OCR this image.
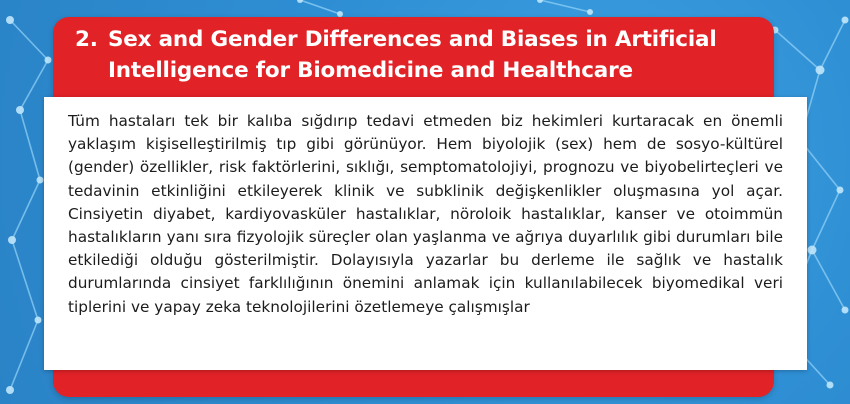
2. Sex and Gender Differences and Biases in Artificial
Intelligence for Biomedicine and Healthcare

Tüm hastaları tek bir kalıba sığdırıp tedavi etmeden biz hekimleri kurtaracak en önemli yaklaşım kişiselleştirilmiş tıp gibi görünüyor. Hem biyolojik (sex) hem de sosyo-kültürel (gender) özellikler, risk faktörlerini, sıklığı, semptomatolojiyi, prognozu ve biyobelirteçleri ve tedavinin etkinliğini etkileyerek klinik ve subklinik değişkenlikler oluşmasına yol açar. Cinsiyetin diyabet, kardiyovasküler hastalıklar, nöroloik hastalıklar, kanser ve otoimmün hastalıkların yanı sıra fizyolojik süreçler olan yaşlanma ve ağrıya duyarlılık gibi durumları bile etkilediği olduğu gösterilmiştir. Dolayısıyla yazarlar bu derleme ile sağlık ve hastalık durumlarında cinsiyet farklılığının önemini anlamak için kullanılabilecek biyomedikal veri tiplerini ve yapay zeka teknolojilerini özetlemeye çalışmışlar
